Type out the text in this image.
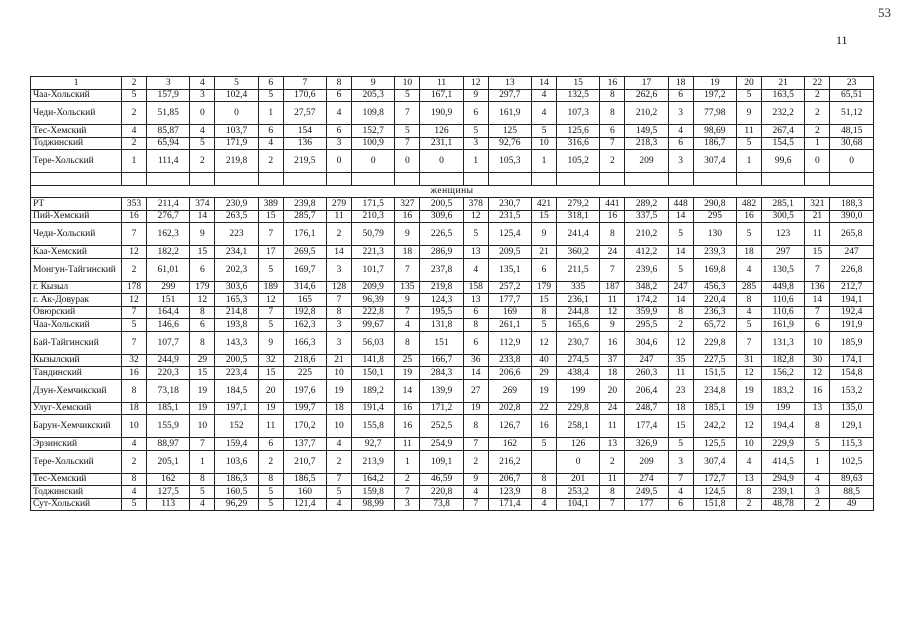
53
11
1	2	3	4	5	6	7	8	9	10	11	12	13	14	15	16	17	18	19	20	21	22	23
Чаа-Хольский	5	157,9	3	102,4	5	170,6	6	205,3	5	167,1	9	297,7	4	132,5	8	262,6	6	197,2	5	163,5	2	65,51
Чеди-Хольский	2	51,85	0	0	1	27,57	4	109,8	7	190,9	6	161,9	4	107,3	8	210,2	3	77,98	9	232,2	2	51,12
Тес-Хемский	4	85,87	4	103,7	6	154	6	152,7	5	126	5	125	5	125,6	6	149,5	4	98,69	11	267,4	2	48,15
Тоджинский	2	65,94	5	171,9	4	136	3	100,9	7	231,1	3	92,76	10	316,6	7	218,3	6	186,7	5	154,5	1	30,68
Тере-Хольский	1	111,4	2	219,8	2	219,5	0	0	0	0	1	105,3	1	105,2	2	209	3	307,4	1	99,6	0	0

женщины																						
РТ	353	211,4	374	230,9	389	239,8	279	171,5	327	200,5	378	230,7	421	279,2	441	289,2	448	290,8	482	285,1	321	188,3
Пий-Хемский	16	276,7	14	263,5	15	285,7	11	210,3	16	309,6	12	231,5	15	318,1	16	337,5	14	295	16	300,5	21	390,0
Чеди-Хольский	7	162,3	9	223	7	176,1	2	50,79	9	226,5	5	125,4	9	241,4	8	210,2	5	130	5	123	11	265,8
Каа-Хемский	12	182,2	15	234,1	17	269,5	14	221,3	18	286,9	13	209,5	21	360,2	24	412,2	14	239,3	18	297	15	247
Монгун-Тайгинский	2	61,01	6	202,3	5	169,7	3	101,7	7	237,8	4	135,1	6	211,5	7	239,6	5	169,8	4	130,5	7	226,8
г. Кызыл	178	299	179	303,6	189	314,6	128	209,9	135	219,8	158	257,2	179	335	187	348,2	247	456,3	285	449,8	136	212,7
г. Ак-Довурак	12	151	12	165,3	12	165	7	96,39	9	124,3	13	177,7	15	236,1	11	174,2	14	220,4	8	110,6	14	194,1
Овюрский	7	164,4	8	214,8	7	192,8	8	222,8	7	195,5	6	169	8	244,8	12	359,9	8	236,3	4	110,6	7	192,4
Чаа-Хольский	5	146,6	6	193,8	5	162,3	3	99,67	4	131,8	8	261,1	5	165,6	9	295,5	2	65,72	5	161,9	6	191,9
Бай-Тайгинский	7	107,7	8	143,3	9	166,3	3	56,03	8	151	6	112,9	12	230,7	16	304,6	12	229,8	7	131,3	10	185,9
Кызылский	32	244,9	29	200,5	32	218,6	21	141,8	25	166,7	36	233,8	40	274,5	37	247	35	227,5	31	182,8	30	174,1
Тандинский	16	220,3	15	223,4	15	225	10	150,1	19	284,3	14	206,6	29	438,4	18	260,3	11	151,5	12	156,2	12	154,8
Дзун-Хемчикский	8	73,18	19	184,5	20	197,6	19	189,2	14	139,9	27	269	19	199	20	206,4	23	234,8	19	183,2	16	153,2
Улуг-Хемский	18	185,1	19	197,1	19	199,7	18	191,4	16	171,2	19	202,8	22	229,8	24	248,7	18	185,1	19	199	13	135,0
Барун-Хемчикский	10	155,9	10	152	11	170,2	10	155,8	16	252,5	8	126,7	16	258,1	11	177,4	15	242,2	12	194,4	8	129,1
Эрзинский	4	88,97	7	159,4	6	137,7	4	92,7	11	254,9	7	162	5	126	13	326,9	5	125,5	10	229,9	5	115,3
Тере-Хольский	2	205,1	1	103,6	2	210,7	2	213,9	1	109,1	2	216,2		0	2	209	3	307,4	4	414,5	1	102,5
Тес-Хемский	8	162	8	186,3	8	186,5	7	164,2	2	46,59	9	206,7	8	201	11	274	7	172,7	13	294,9	4	89,63
Тоджинский	4	127,5	5	160,5	5	160	5	159,8	7	220,8	4	123,9	8	253,2	8	249,5	4	124,5	8	239,1	3	88,5
Сут-Хольский	5	113	4	96,29	5	121,4	4	98,99	3	73,8	7	171,4	4	104,1	7	177	6	151,8	2	48,78	2	49
